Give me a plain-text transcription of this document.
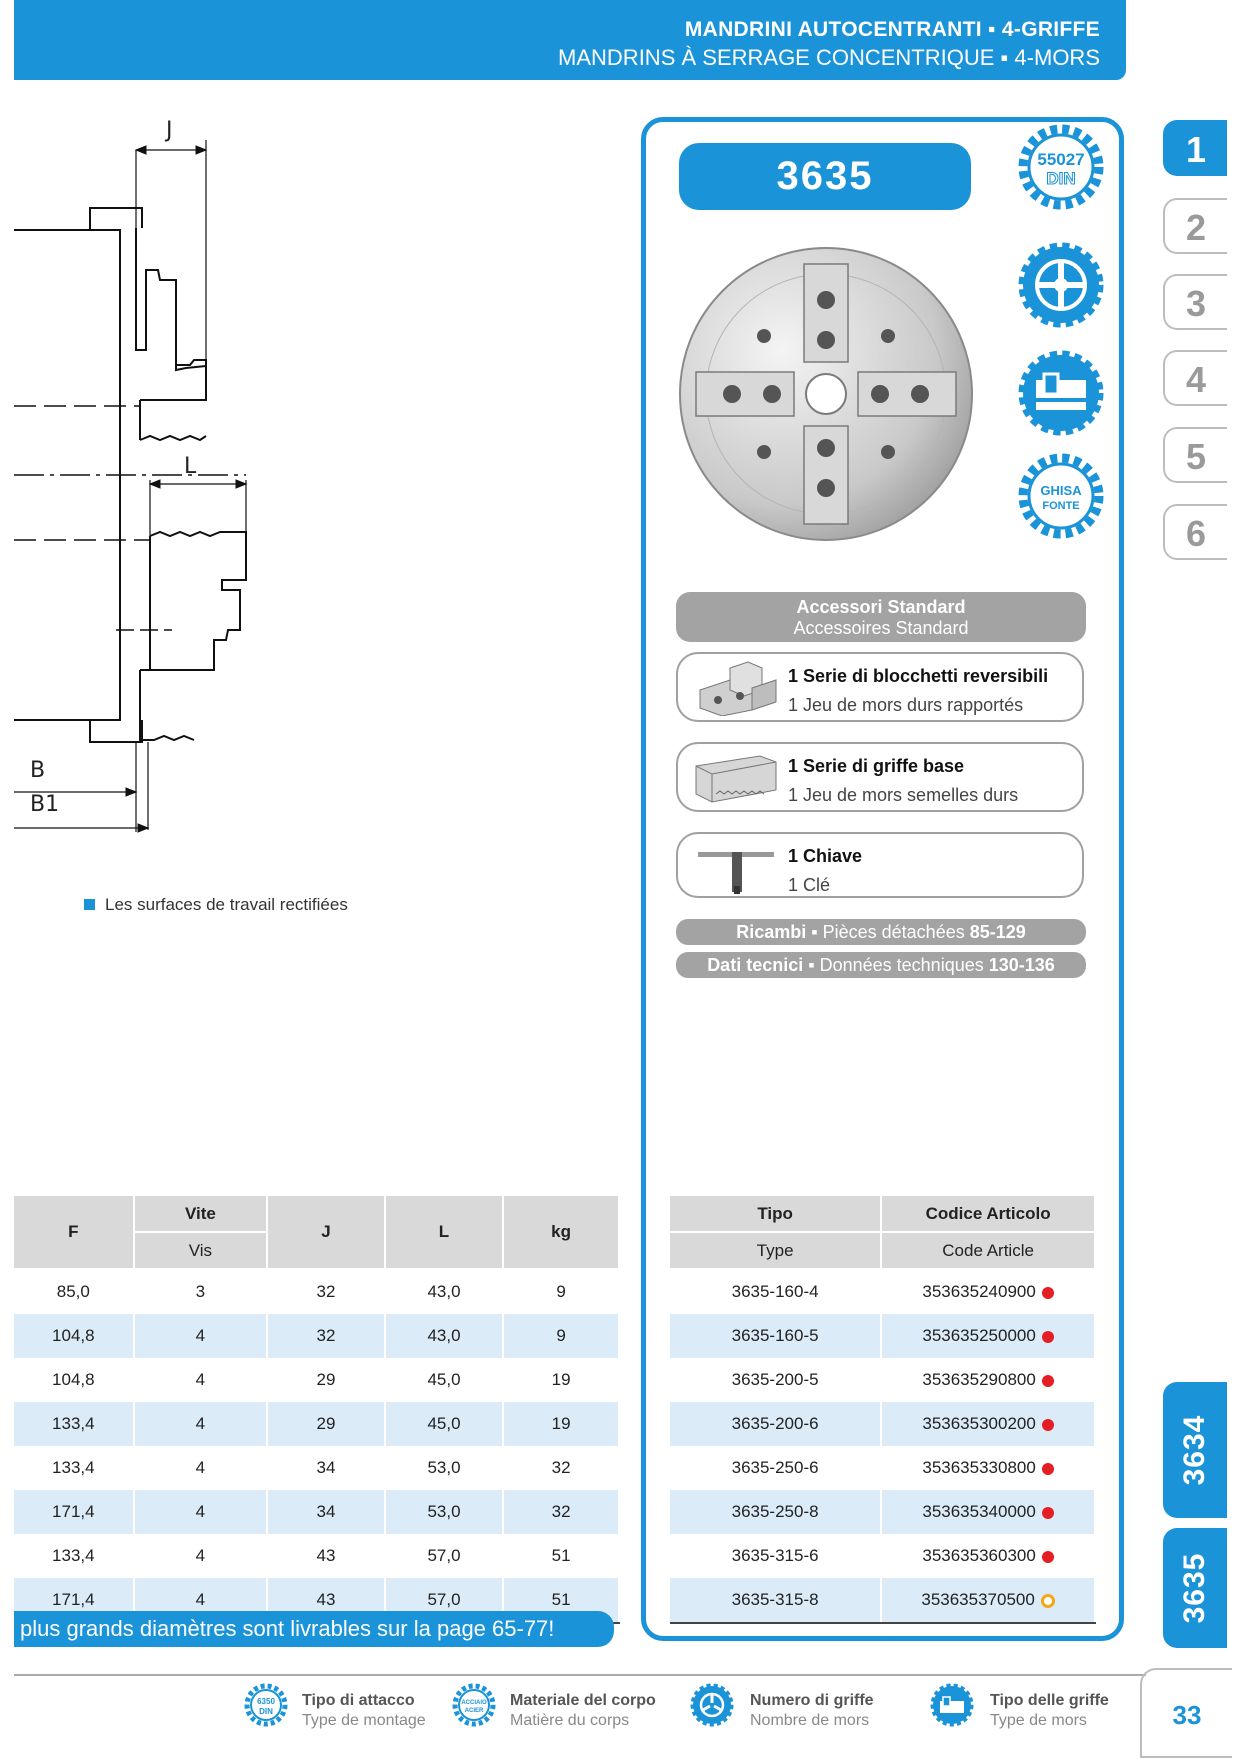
MANDRINI AUTOCENTRANTI ▪ 4-GRIFFE
MANDRINS À SERRAGE CONCENTRIQUE ▪ 4-MORS
1
2
3
4
5
6
3634
3635
J
L
B
B1
Les surfaces de travail rectifiées
3635	55027
DIN
GHISA
FONTE
Accessori Standard
Accessoires Standard
1 Serie di blocchetti reversibili
1 Jeu de mors durs rapportés
1 Serie di griffe base
1 Jeu de mors semelles durs
1 Chiave
1 Clé
Ricambi ▪ Pièces détachées 85-129
Dati tecnici ▪ Données techniques 130-136
F	Vite	J	L	kg
	Vis			
85,0	3	32	43,0	9
104,8	4	32	43,0	9
104,8	4	29	45,0	19
133,4	4	29	45,0	19
133,4	4	34	53,0	32
171,4	4	34	53,0	32
133,4	4	43	57,0	51
171,4	4	43	57,0	51
Tipo	Codice Articolo
Type	Code Article
3635-160-4	353635240900
3635-160-5	353635250000
3635-200-5	353635290800
3635-200-6	353635300200
3635-250-6	353635330800
3635-250-8	353635340000
3635-315-6	353635360300
3635-315-8	353635370500
plus grands diamètres sont livrables sur la page 65-77!
6350
DIN
Tipo di attacco
Type de montage
ACCIAIO
ACIER
Materiale del corpo
Matière du corps
Numero di griffe
Nombre de mors
Tipo delle griffe
Type de mors	33
